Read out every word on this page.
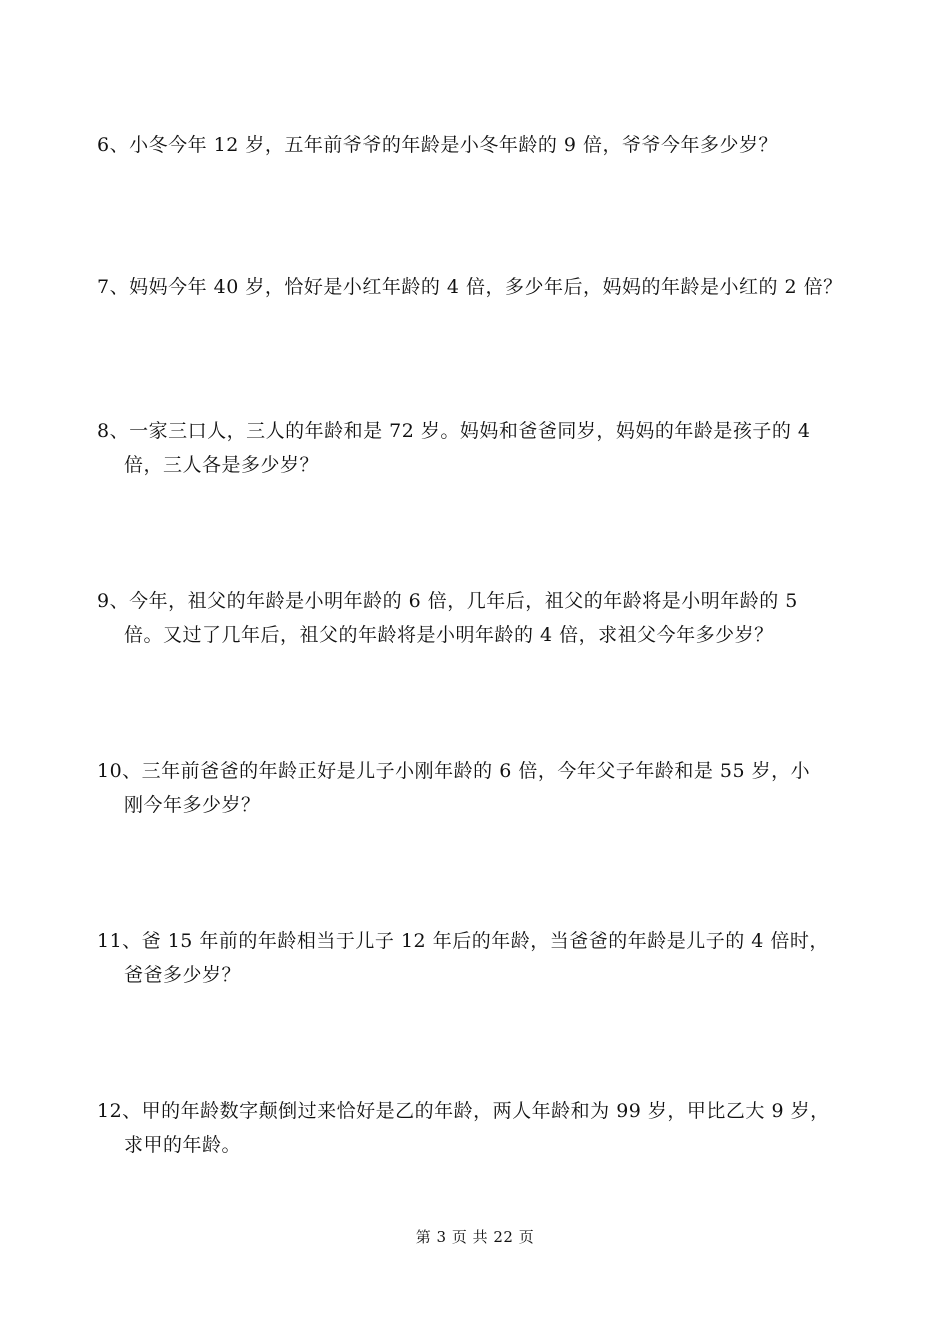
6、小冬今年 12 岁，五年前爷爷的年龄是小冬年龄的 9 倍，爷爷今年多少岁？
7、妈妈今年 40 岁，恰好是小红年龄的 4 倍，多少年后，妈妈的年龄是小红的 2 倍？
8、一家三口人，三人的年龄和是 72 岁。妈妈和爸爸同岁，妈妈的年龄是孩子的 4
倍，三人各是多少岁？
9、今年，祖父的年龄是小明年龄的 6 倍，几年后，祖父的年龄将是小明年龄的 5
倍。又过了几年后，祖父的年龄将是小明年龄的 4 倍，求祖父今年多少岁？
10、三年前爸爸的年龄正好是儿子小刚年龄的 6 倍，今年父子年龄和是 55 岁，小
刚今年多少岁？
11、爸 15 年前的年龄相当于儿子 12 年后的年龄，当爸爸的年龄是儿子的 4 倍时，
爸爸多少岁？
12、甲的年龄数字颠倒过来恰好是乙的年龄，两人年龄和为 99 岁，甲比乙大 9 岁，
求甲的年龄。
第 3 页 共 22 页
